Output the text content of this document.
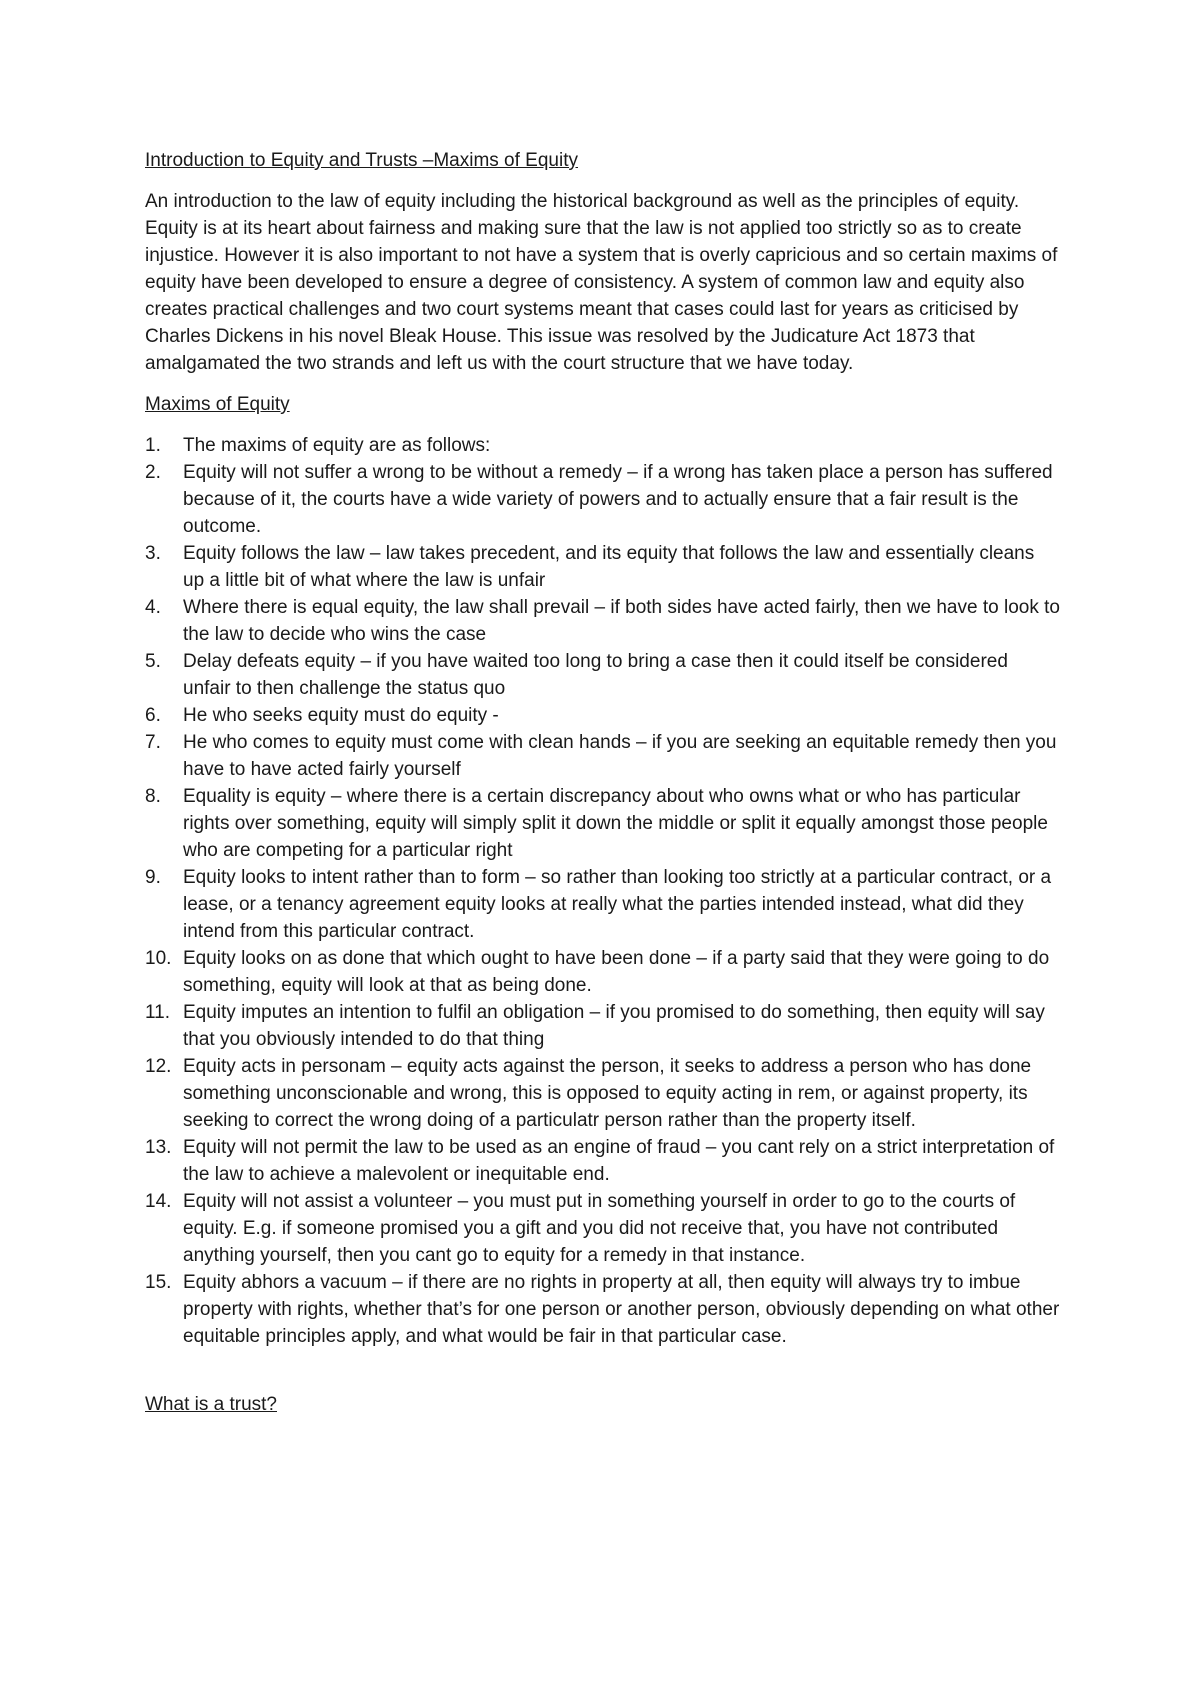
Introduction to Equity and Trusts –Maxims of Equity

An introduction to the law of equity including the historical background as well as the principles of equity. Equity is at its heart about fairness and making sure that the law is not applied too strictly so as to create injustice. However it is also important to not have a system that is overly capricious and so certain maxims of equity have been developed to ensure a degree of consistency. A system of common law and equity also creates practical challenges and two court systems meant that cases could last for years as criticised by Charles Dickens in his novel Bleak House. This issue was resolved by the Judicature Act 1873 that amalgamated the two strands and left us with the court structure that we have today.

Maxims of Equity
1.	The maxims of equity are as follows:
2.	Equity will not suffer a wrong to be without a remedy – if a wrong has taken place a person has suffered because of it, the courts have a wide variety of powers and to actually ensure that a fair result is the outcome.
3.	Equity follows the law – law takes precedent, and its equity that follows the law and essentially cleans up a little bit of what where the law is unfair
4.	Where there is equal equity, the law shall prevail – if both sides have acted fairly, then we have to look to the law to decide who wins the case
5.	Delay defeats equity – if you have waited too long to bring a case then it could itself be considered unfair to then challenge the status quo
6.	He who seeks equity must do equity -
7.	He who comes to equity must come with clean hands – if you are seeking an equitable remedy then you have to have acted fairly yourself
8.	Equality is equity – where there is a certain discrepancy about who owns what or who has particular rights over something, equity will simply split it down the middle or split it equally amongst those people who are competing for a particular right
9.	Equity looks to intent rather than to form – so rather than looking too strictly at a particular contract, or a lease, or a tenancy agreement equity looks at really what the parties intended instead, what did they intend from this particular contract.
10. Equity looks on as done that which ought to have been done – if a party said that they were going to do something, equity will look at that as being done.
11. Equity imputes an intention to fulfil an obligation – if you promised to do something, then equity will say that you obviously intended to do that thing
12. Equity acts in personam – equity acts against the person, it seeks to address a person who has done something unconscionable and wrong, this is opposed to equity acting in rem, or against property, its seeking to correct the wrong doing of a particulatr person rather than the property itself.
13. Equity will not permit the law to be used as an engine of fraud – you cant rely on a strict interpretation of the law to achieve a malevolent or inequitable end.
14. Equity will not assist a volunteer – you must put in something yourself in order to go to the courts of equity. E.g. if someone promised you a gift and you did not receive that, you have not contributed anything yourself, then you cant go to equity for a remedy in that instance.
15. Equity abhors a vacuum – if there are no rights in property at all, then equity will always try to imbue property with rights, whether that’s for one person or another person, obviously depending on what other equitable principles apply, and what would be fair in that particular case.
What is a trust?
